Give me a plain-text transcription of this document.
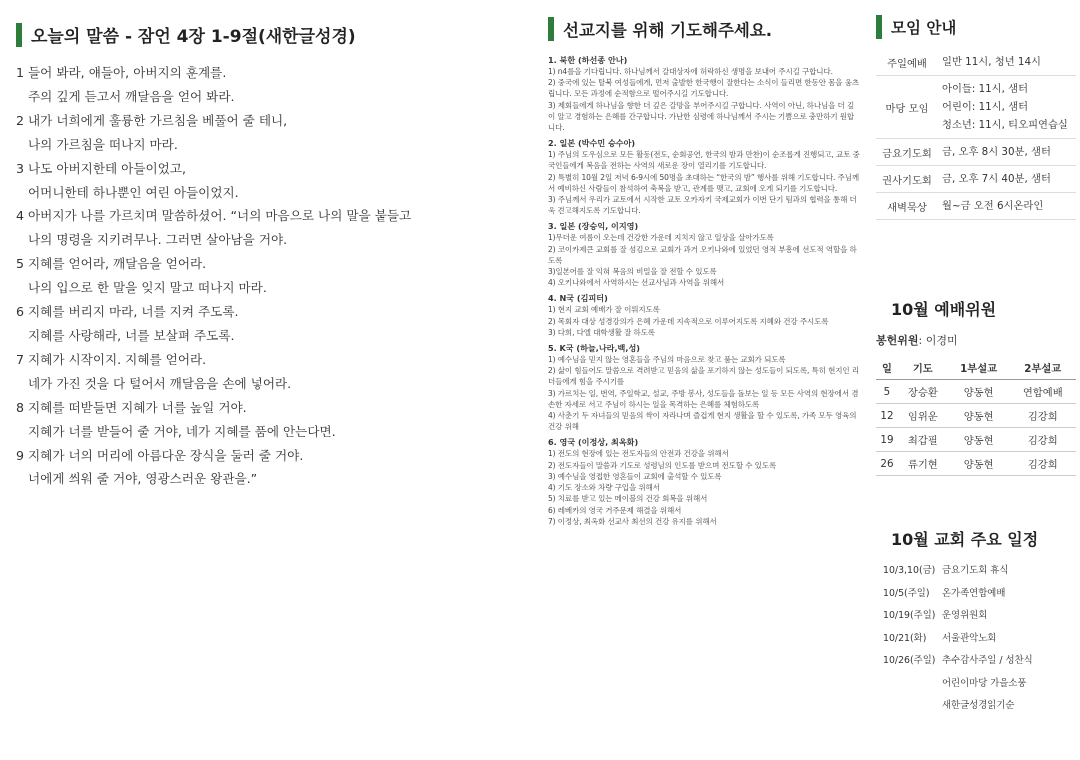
오늘의 말씀 - 잠언 4장 1-9절(새한글성경)
1 들어 봐라, 얘들아, 아버지의 훈계를.
주의 깊게 듣고서 깨달음을 얻어 봐라.
2 내가 너희에게 훌륭한 가르침을 베풀어 줄 테니,
나의 가르침을 떠나지 마라.
3 나도 아버지한테 아들이었고,
어머니한테 하나뿐인 여린 아들이었지.
4 아버지가 나를 가르치며 말씀하셨어. “너의 마음으로 나의 말을 붙들고
나의 명령을 지키려무나. 그러면 살아남을 거야.
5 지혜를 얻어라, 깨달음을 얻어라.
나의 입으로 한 말을 잊지 말고 떠나지 마라.
6 지혜를 버리지 마라, 너를 지켜 주도록.
지혜를 사랑해라, 너를 보살펴 주도록.
7 지혜가 시작이지. 지혜를 얻어라.
네가 가진 것을 다 털어서 깨달음을 손에 넣어라.
8 지혜를 떠받들면 지혜가 너를 높일 거야.
지혜가 너를 받들어 줄 거야, 네가 지혜를 품에 안는다면.
9 지혜가 너의 머리에 아름다운 장식을 둘러 줄 거야.
너에게 씌워 줄 거야, 영광스러운 왕관을.”
선교지를 위해 기도해주세요.
1. 북한 (하선종 안나)
1) n4를을 기다립니다. 하나님께서 갈대상자에 허락하신 생명을 보내어 주시길 구합니다.
2) 중국에 있는 탈북 여성들에게, 먼저 출발한 한국행이 잘한다는 소식이 들리면 한동안 몸을 움츠립니다. 모든 과정에 순적함으로 떨어주시길 기도합니다.
3) 제회들에게 하나님을 향한 더 깊은 갈망을 부어주시길 구합니다. 사역이 아닌, 하나님을 더 깊이 알고 경험하는 은혜를 간구합니다. 가난한 심령에 하나님께서 주시는 기쁨으로 충만하기 원합니다.
2. 일본 (박수민 승수아)
1) 주님의 도우심으로 모든 활동(전도, 순회공연, 한국의 밤과 만찬)이 순조롭게 진행되고, 교토 중국인들에게 복음을 전하는 사역의 새로운 장이 열리기를 기도합니다.
2) 특별히 10월 2일 저녁 6-9시에 50명을 초대하는 “한국의 밤” 행사를 위해 기도합니다. 주님께서 예비하신 사람들이 참석하여 축복을 받고, 관계를 맺고, 교회에 오게 되기를 기도합니다.
3) 주님께서 우리가 교토에서 시작한 교토 오카자키 국제교회가 이번 단기 팀과의 협력을 통해 더욱 견고해지도록 기도합니다.
3. 일본 (장승익, 이지영)
1)무더운 여름이 오는데 건강한 가운데 지치지 않고 일상을 살아가도록
2) 코이카제큰 교회를 잘 섬김으로 교회가 과거 오키나와에 있었던 영적 부흥에 선도적 역할을 하도록
3)일본어를 잘 익혀 복음의 비밀을 잘 전할 수 있도록
4) 오키나와에서 사역하시는 선교사님과 사역을 위해서
4. N국 (김피터)
1) 현지 교회 예배가 잘 이뤄지도록
2) 목회자 대상 성경강의가 은혜 가운데 지속적으로 이루어지도록 지혜와 건강 주시도록
3) 다희, 다엘 대학생활 잘 하도록
5. K국 (하늘,나라,백,성)
1) 예수님을 믿지 않는 영혼들을 주님의 마음으로 찾고 품는 교회가 되도록
2) 삶이 힘들어도 말씀으로 격려받고 믿음의 삶을 포기하지 않는 성도들이 되도록, 특히 현지인 리더들에게 힘을 주시기를
3) 가르치는 일, 번역, 주일학교, 설교, 주방 봉사, 성도들을 돌보는 일 등 모든 사역의 현장에서 겸손한 자세로 서고 주님이 하시는 일을 목격하는 은혜를 체험하도록
4) 사춘기 두 자녀들의 믿음의 싹이 자라나며 즐겁게 현지 생활을 할 수 있도록, 가족 모두 영육의 건강 위해
6. 영국 (이정상, 최옥화)
1) 전도의 현장에 있는 전도자들의 안전과 건강을 위해서
2) 전도자들이 말씀과 기도로 성령님의 인도를 받으며 전도할 수 있도록
3) 예수님을 영접한 영혼들이 교회에 출석할 수 있도록
4) 기도 장소와 차량 구입을 위해서
5) 치료를 받고 있는 메이블의 건강 회복을 위해서
6) 레베카의 영국 거주문제 해결을 위해서
7) 이정상, 최옥화 선교사 최선의 건강 유지를 위해서
모임 안내
주일예배	일반 11시, 청년 14시

마당 모임	아이들: 11시, 샘터
어린이: 11시, 샘터
청소년: 11시, 티오피연습실

금요기도회	금, 오후 8시 30분, 샘터

권사기도회	금, 오후 7시 40분, 샘터

새벽묵상	월~금 오전 6시온라인
10월 예배위원
봉헌위원: 이경미
일	기도	1부설교	2부설교
5	장승환	양동현	연합예배
12	임위운	양동현	김강희
19	최갑필	양동현	김강희
26	류기현	양동현	김강희
10월 교회 주요 일정
10/3,10(금) 금요기도회 휴식
10/5(주일)	온가족연합예배
10/19(주일) 운영위원회
10/21(화)	서울관악노회
10/26(주일) 추수감사주일 / 성찬식
어린이마당 가을소풍
새한글성경읽기순
